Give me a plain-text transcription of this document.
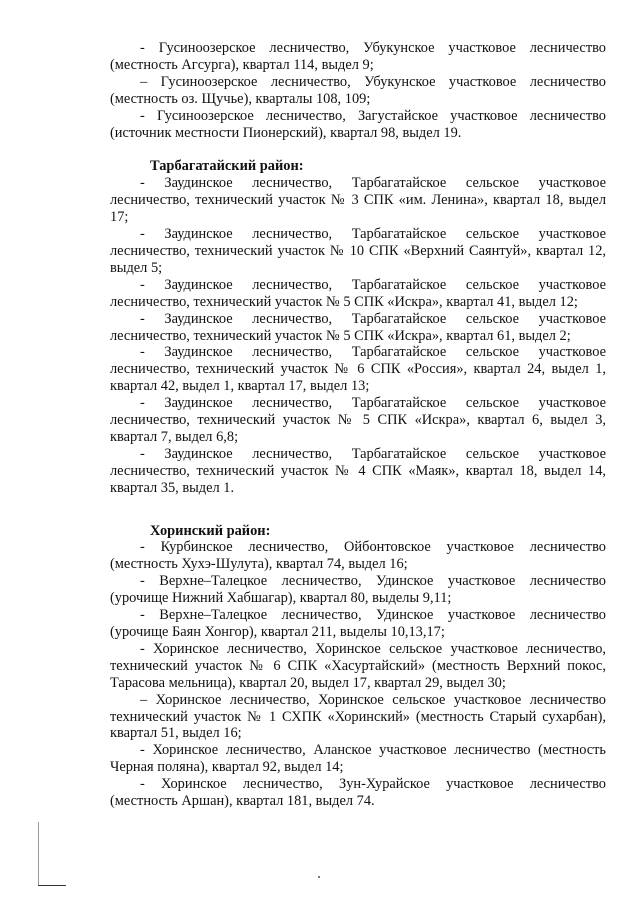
- Гусиноозерское лесничество, Убукунское участковое лесничество (местность Агсурга), квартал 114, выдел 9;

– Гусиноозерское лесничество, Убукунское участковое лесничество (местность оз. Щучье), кварталы 108, 109;

- Гусиноозерское лесничество, Загустайское участковое лесничество (источник местности Пионерский), квартал 98, выдел 19.

Тарбагатайский район:

- Заудинское лесничество, Тарбагатайское сельское участковое лесничество, технический участок № 3 СПК «им. Ленина», квартал 18, выдел 17;

- Заудинское лесничество, Тарбагатайское сельское участковое лесничество, технический участок № 10 СПК «Верхний Саянтуй», квартал 12, выдел 5;

- Заудинское лесничество, Тарбагатайское сельское участковое лесничество, технический участок № 5 СПК «Искра», квартал 41, выдел 12;

- Заудинское лесничество, Тарбагатайское сельское участковое лесничество, технический участок № 5 СПК «Искра», квартал 61, выдел 2;

- Заудинское лесничество, Тарбагатайское сельское участковое лесничество, технический участок № 6 СПК «Россия», квартал 24, выдел 1, квартал 42, выдел 1, квартал 17, выдел 13;

- Заудинское лесничество, Тарбагатайское сельское участковое лесничество, технический участок № 5 СПК «Искра», квартал 6, выдел 3, квартал 7, выдел 6,8;

- Заудинское лесничество, Тарбагатайское сельское участковое лесничество, технический участок № 4 СПК «Маяк», квартал 18, выдел 14, квартал 35, выдел 1.

Хоринский район:

- Курбинское лесничество, Ойбонтовское участковое лесничество (местность Хухэ-Шулута), квартал 74, выдел 16;

- Верхне–Талецкое лесничество, Удинское участковое лесничество (урочище Нижний Хабшагар), квартал 80, выделы 9,11;

- Верхне–Талецкое лесничество, Удинское участковое лесничество (урочище Баян Хонгор), квартал 211, выделы 10,13,17;

- Хоринское лесничество, Хоринское сельское участковое лесничество, технический участок № 6 СПК «Хасуртайский» (местность Верхний покос, Тарасова мельница), квартал 20, выдел 17, квартал 29, выдел 30;

– Хоринское лесничество, Хоринское сельское участковое лесничество технический участок № 1 СХПК «Хоринский» (местность Старый сухарбан), квартал 51, выдел 16;

- Хоринское лесничество, Аланское участковое лесничество (местность Черная поляна), квартал 92, выдел 14;

- Хоринское лесничество, Зун-Хурайское участковое лесничество (местность Аршан), квартал 181, выдел 74.
